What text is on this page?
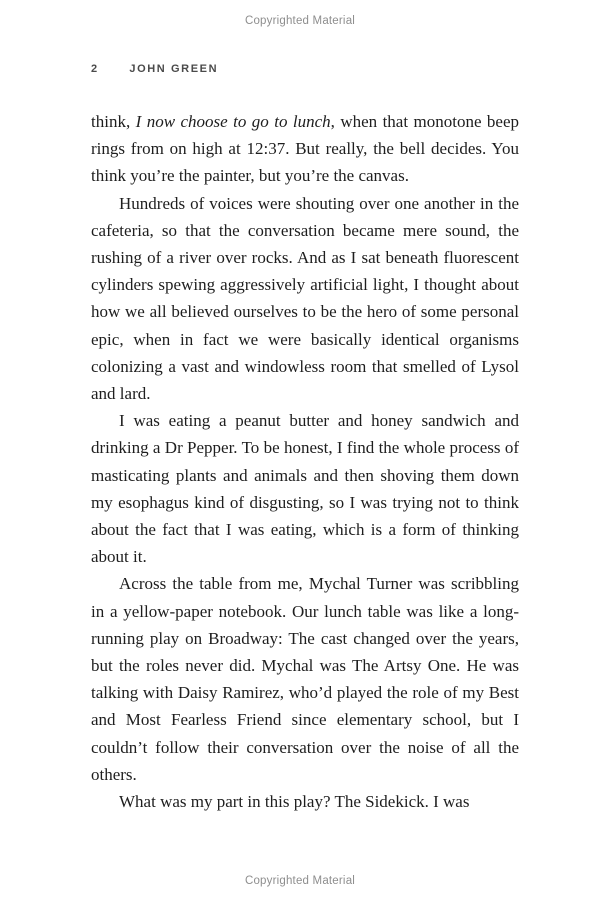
Copyrighted Material
2	JOHN GREEN

think, I now choose to go to lunch, when that monotone beep rings from on high at 12:37. But really, the bell decides. You think you’re the painter, but you’re the canvas.

Hundreds of voices were shouting over one another in the cafeteria, so that the conversation became mere sound, the rushing of a river over rocks. And as I sat beneath fluorescent cylinders spewing aggressively artificial light, I thought about how we all believed ourselves to be the hero of some personal epic, when in fact we were basically identical organisms colonizing a vast and windowless room that smelled of Lysol and lard.

I was eating a peanut butter and honey sandwich and drinking a Dr Pepper. To be honest, I find the whole process of masticating plants and animals and then shoving them down my esophagus kind of disgusting, so I was trying not to think about the fact that I was eating, which is a form of thinking about it.

Across the table from me, Mychal Turner was scribbling in a yellow-paper notebook. Our lunch table was like a long-running play on Broadway: The cast changed over the years, but the roles never did. Mychal was The Artsy One. He was talking with Daisy Ramirez, who’d played the role of my Best and Most Fearless Friend since elementary school, but I couldn’t follow their conversation over the noise of all the others.

What was my part in this play? The Sidekick. I was

Copyrighted Material
